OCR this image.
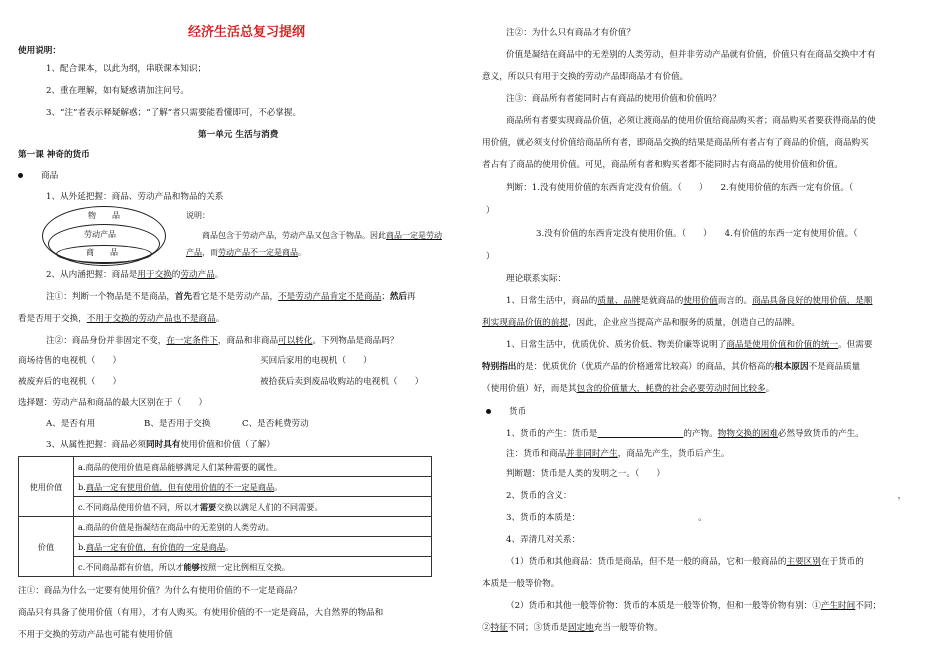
经济生活总复习提纲
使用说明：
1、配合课本，以此为纲，串联课本知识；
2、重在理解，如有疑惑请加注问号。
3、“注”者表示释疑解惑；“了解”者只需要能看懂即可，不必掌握。
第一单元 生活与消费
第一课 神奇的货币
商品
1、从外延把握：商品、劳动产品和物品的关系
物　　品
劳动产品
商　　品
说明：
商品包含于劳动产品，劳动产品又包含于物品。因此商品一定是劳动
产品，而劳动产品不一定是商品。
2、从内涵把握：商品是用于交换的劳动产品。
注①：判断一个物品是不是商品，首先看它是不是劳动产品，不是劳动产品肯定不是商品；然后再
看是否用于交换，不用于交换的劳动产品也不是商品。
注②：商品身份并非固定不变，在一定条件下，商品和非商品可以转化。下列物品是商品吗？
商场待售的电视机（　　）	买回后家用的电视机（　　）
被废弃后的电视机（　　）	被拾获后卖到废品收购站的电视机（　　）
选择题：劳动产品和商品的最大区别在于（　　）
A、是否有用	B、是否用于交换	C、是否耗费劳动
3、从属性把握：商品必须同时具有使用价值和价值（了解）
使用价值	a.商品的使用价值是商品能够满足人们某种需要的属性。
	b.商品一定有使用价值，但有使用价值的不一定是商品。
	c.不同商品使用价值不同，所以才需要交换以满足人们的不同需要。
价值	a.商品的价值是指凝结在商品中的无差别的人类劳动。
	b.商品一定有价值，有价值的一定是商品。
	c.不同商品都有价值，所以才能够按照一定比例相互交换。
注①：商品为什么一定要有使用价值？为什么有使用价值的不一定是商品？
商品只有具备了使用价值（有用），才有人购买。有使用价值的不一定是商品，大自然界的物品和
不用于交换的劳动产品也可能有使用价值
注②：为什么只有商品才有价值？
价值是凝结在商品中的无差别的人类劳动，但并非劳动产品就有价值，价值只有在商品交换中才有
意义，所以只有用于交换的劳动产品即商品才有价值。
注③：商品所有者能同时占有商品的使用价值和价值吗？
商品所有者要实现商品价值，必须让渡商品的使用价值给商品购买者；商品购买者要获得商品的使
用价值，就必须支付价值给商品所有者，即商品交换的结果是商品所有者占有了商品的价值，商品购买
者占有了商品的使用价值。可见，商品所有者和购买者都不能同时占有商品的使用价值和价值。
判断：1.没有使用价值的东西肯定没有价值。（　　）　　2.有使用价值的东西一定有价值。（
）
3.没有价值的东西肯定没有使用价值。（　　）　　4.有价值的东西一定有使用价值。（
）
理论联系实际：
1、日常生活中，商品的质量、品牌是就商品的使用价值而言的。商品具备良好的使用价值，是顺
利实现商品价值的前提，因此，企业应当提高产品和服务的质量，创造自己的品牌。
1、日常生活中，优质优价、质劣价低、物美价廉等说明了商品是使用价值和价值的统一。但需要
特别指出的是：优质优价（优质产品的价格通常比较高）的商品，其价格高的根本原因不是商品质量
（使用价值）好，而是其包含的价值量大，耗费的社会必要劳动时间比较多。
货币
1、货币的产生：货币是　　　　　　　　　　	的产物。物物交换的困难必然导致货币的产生。
注：货币和商品并非同时产生，商品先产生，货币后产生。
判断题：货币是人类的发明之一。（　　）
2、货币的含义：	，
3、货币的本质是：	。
4、弄清几对关系：
（1）货币和其他商品：货币是商品，但不是一般的商品，它和一般商品的主要区别在于货币的
本质是一般等价物。
（2）货币和其他一般等价物：货币的本质是一般等价物，但和一般等价物有别：①产生时间不同；
②特征不同；③货币是固定地充当一般等价物。
